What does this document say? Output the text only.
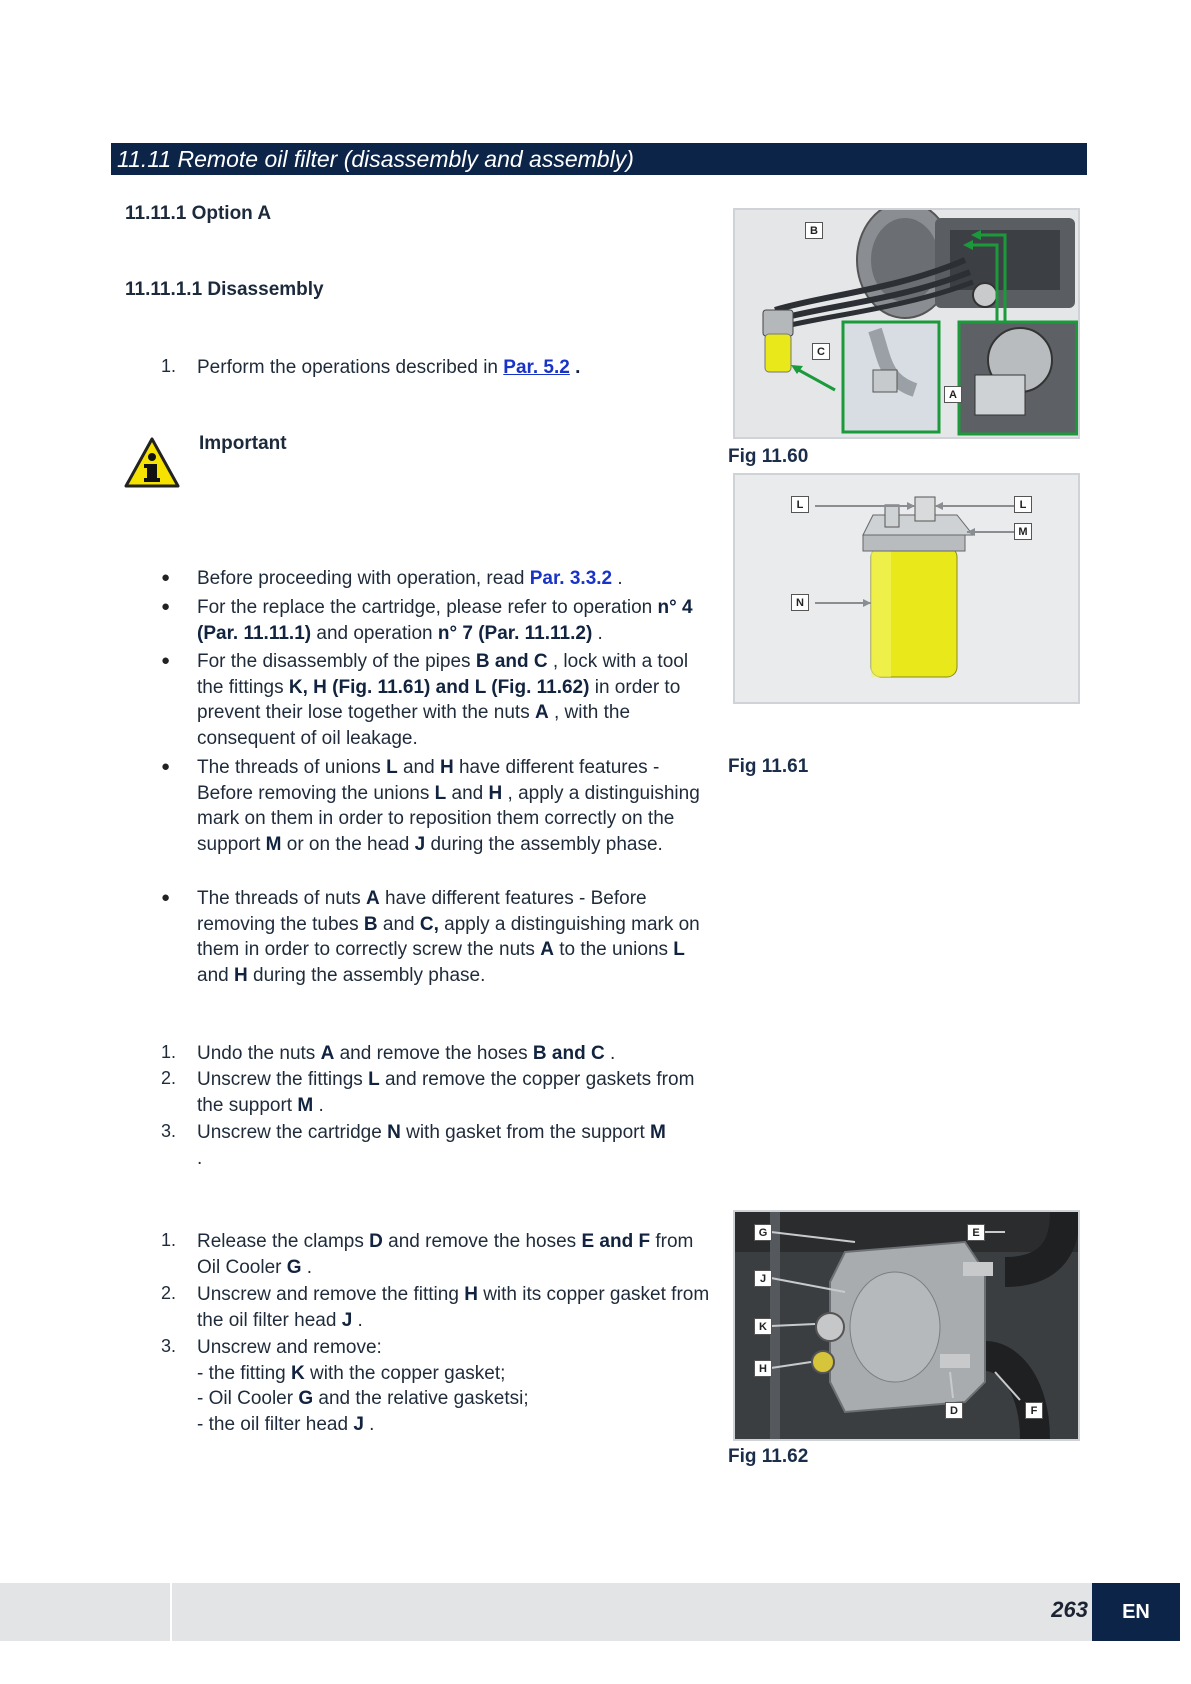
11.11 Remote oil filter (disassembly and assembly)
11.11.1 Option A
11.11.1.1 Disassembly
1. Perform the operations described in Par. 5.2 .
Important
● Before proceeding with operation, read Par. 3.3.2 .
● For the replace the cartridge, please refer to operation n° 4 (Par. 11.11.1) and operation n° 7 (Par. 11.11.2) .
● For the disassembly of the pipes B and C , lock with a tool the fittings K, H (Fig. 11.61) and L (Fig. 11.62) in order to prevent their lose together with the nuts A , with the consequent of oil leakage.
● The threads of unions L and H have different features - Before removing the unions L and H , apply a distinguishing mark on them in order to reposition them correctly on the support M or on the head J during the assembly phase.
● The threads of nuts A have different features - Before removing the tubes B and C, apply a distinguishing mark on them in order to correctly screw the nuts A to the unions L and H during the assembly phase.
1. Undo the nuts A and remove the hoses B and C .
2. Unscrew the fittings L and remove the copper gaskets from the support M .
3. Unscrew the cartridge N with gasket from the support M
.
1. Release the clamps D and remove the hoses E and F from Oil Cooler G .
2. Unscrew and remove the fitting H with its copper gasket from the oil filter head J .
3. Unscrew and remove:
- the fitting K with the copper gasket;
- Oil Cooler G and the relative gasketsi;
- the oil filter head J .
B
C
A
Fig 11.60
L	L
M
N
Fig 11.61
G
J
K
H
E
D	F
Fig 11.62
263	EN
